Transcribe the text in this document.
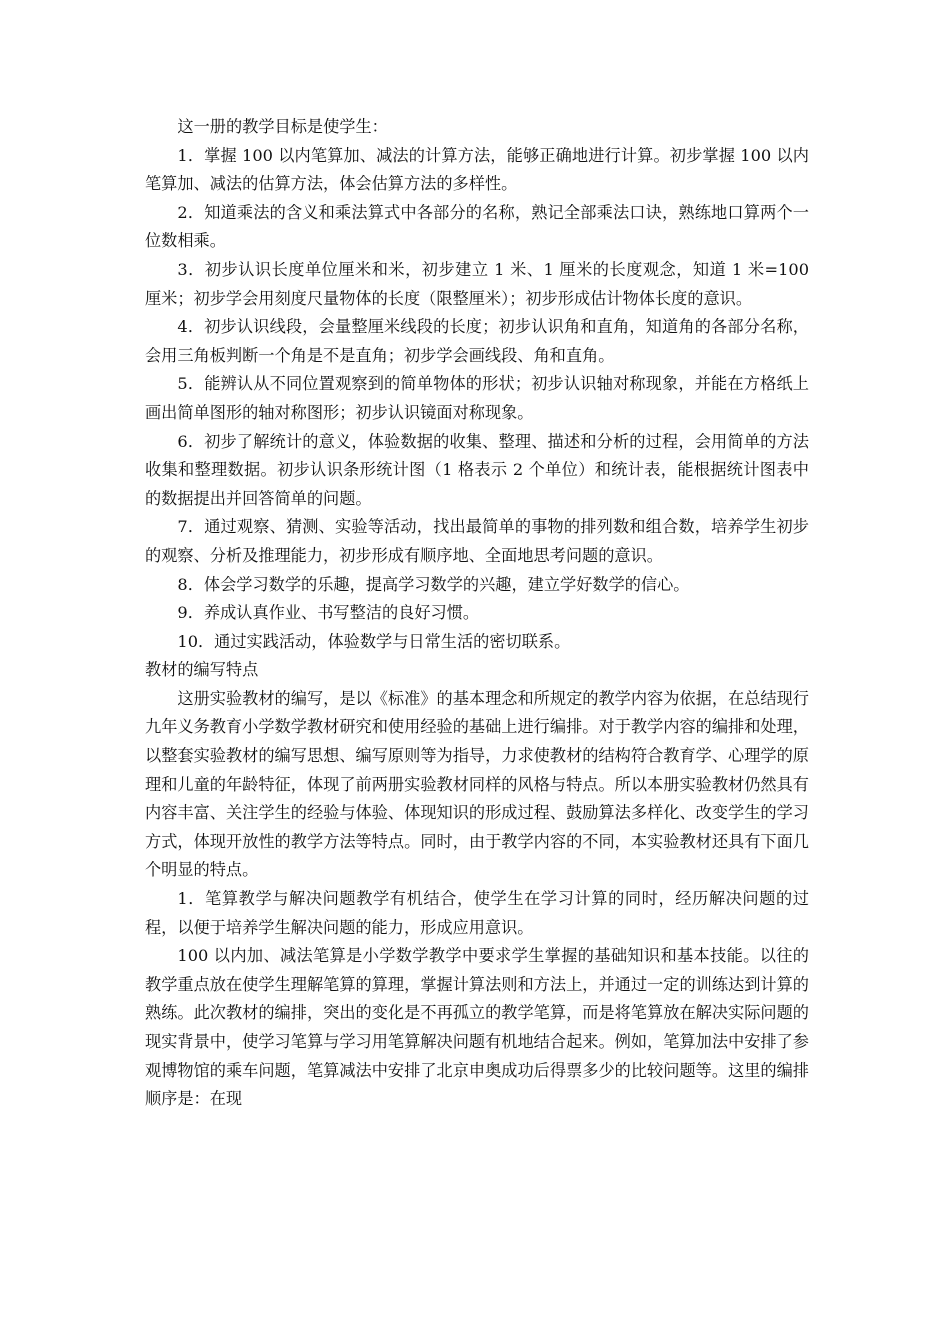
这一册的教学目标是使学生：

1．掌握 100 以内笔算加、减法的计算方法，能够正确地进行计算。初步掌握 100 以内笔算加、减法的估算方法，体会估算方法的多样性。

2．知道乘法的含义和乘法算式中各部分的名称，熟记全部乘法口诀，熟练地口算两个一位数相乘。

3．初步认识长度单位厘米和米，初步建立 1 米、1 厘米的长度观念，知道 1 米=100 厘米；初步学会用刻度尺量物体的长度（限整厘米）；初步形成估计物体长度的意识。

4．初步认识线段，会量整厘米线段的长度；初步认识角和直角，知道角的各部分名称，会用三角板判断一个角是不是直角；初步学会画线段、角和直角。

5．能辨认从不同位置观察到的简单物体的形状；初步认识轴对称现象，并能在方格纸上画出简单图形的轴对称图形；初步认识镜面对称现象。

6．初步了解统计的意义，体验数据的收集、整理、描述和分析的过程，会用简单的方法收集和整理数据。初步认识条形统计图（1 格表示 2 个单位）和统计表，能根据统计图表中的数据提出并回答简单的问题。

7．通过观察、猜测、实验等活动，找出最简单的事物的排列数和组合数，培养学生初步的观察、分析及推理能力，初步形成有顺序地、全面地思考问题的意识。

8．体会学习数学的乐趣，提高学习数学的兴趣，建立学好数学的信心。

9．养成认真作业、书写整洁的良好习惯。

10．通过实践活动，体验数学与日常生活的密切联系。

教材的编写特点

这册实验教材的编写，是以《标准》的基本理念和所规定的教学内容为依据，在总结现行九年义务教育小学数学教材研究和使用经验的基础上进行编排。对于教学内容的编排和处理，以整套实验教材的编写思想、编写原则等为指导，力求使教材的结构符合教育学、心理学的原理和儿童的年龄特征，体现了前两册实验教材同样的风格与特点。所以本册实验教材仍然具有内容丰富、关注学生的经验与体验、体现知识的形成过程、鼓励算法多样化、改变学生的学习方式，体现开放性的教学方法等特点。同时，由于教学内容的不同，本实验教材还具有下面几个明显的特点。

1．笔算教学与解决问题教学有机结合，使学生在学习计算的同时，经历解决问题的过程，以便于培养学生解决问题的能力，形成应用意识。

100 以内加、减法笔算是小学数学教学中要求学生掌握的基础知识和基本技能。以往的教学重点放在使学生理解笔算的算理，掌握计算法则和方法上，并通过一定的训练达到计算的熟练。此次教材的编排，突出的变化是不再孤立的教学笔算，而是将笔算放在解决实际问题的现实背景中，使学习笔算与学习用笔算解决问题有机地结合起来。例如，笔算加法中安排了参观博物馆的乘车问题，笔算减法中安排了北京申奥成功后得票多少的比较问题等。这里的编排顺序是：在现
